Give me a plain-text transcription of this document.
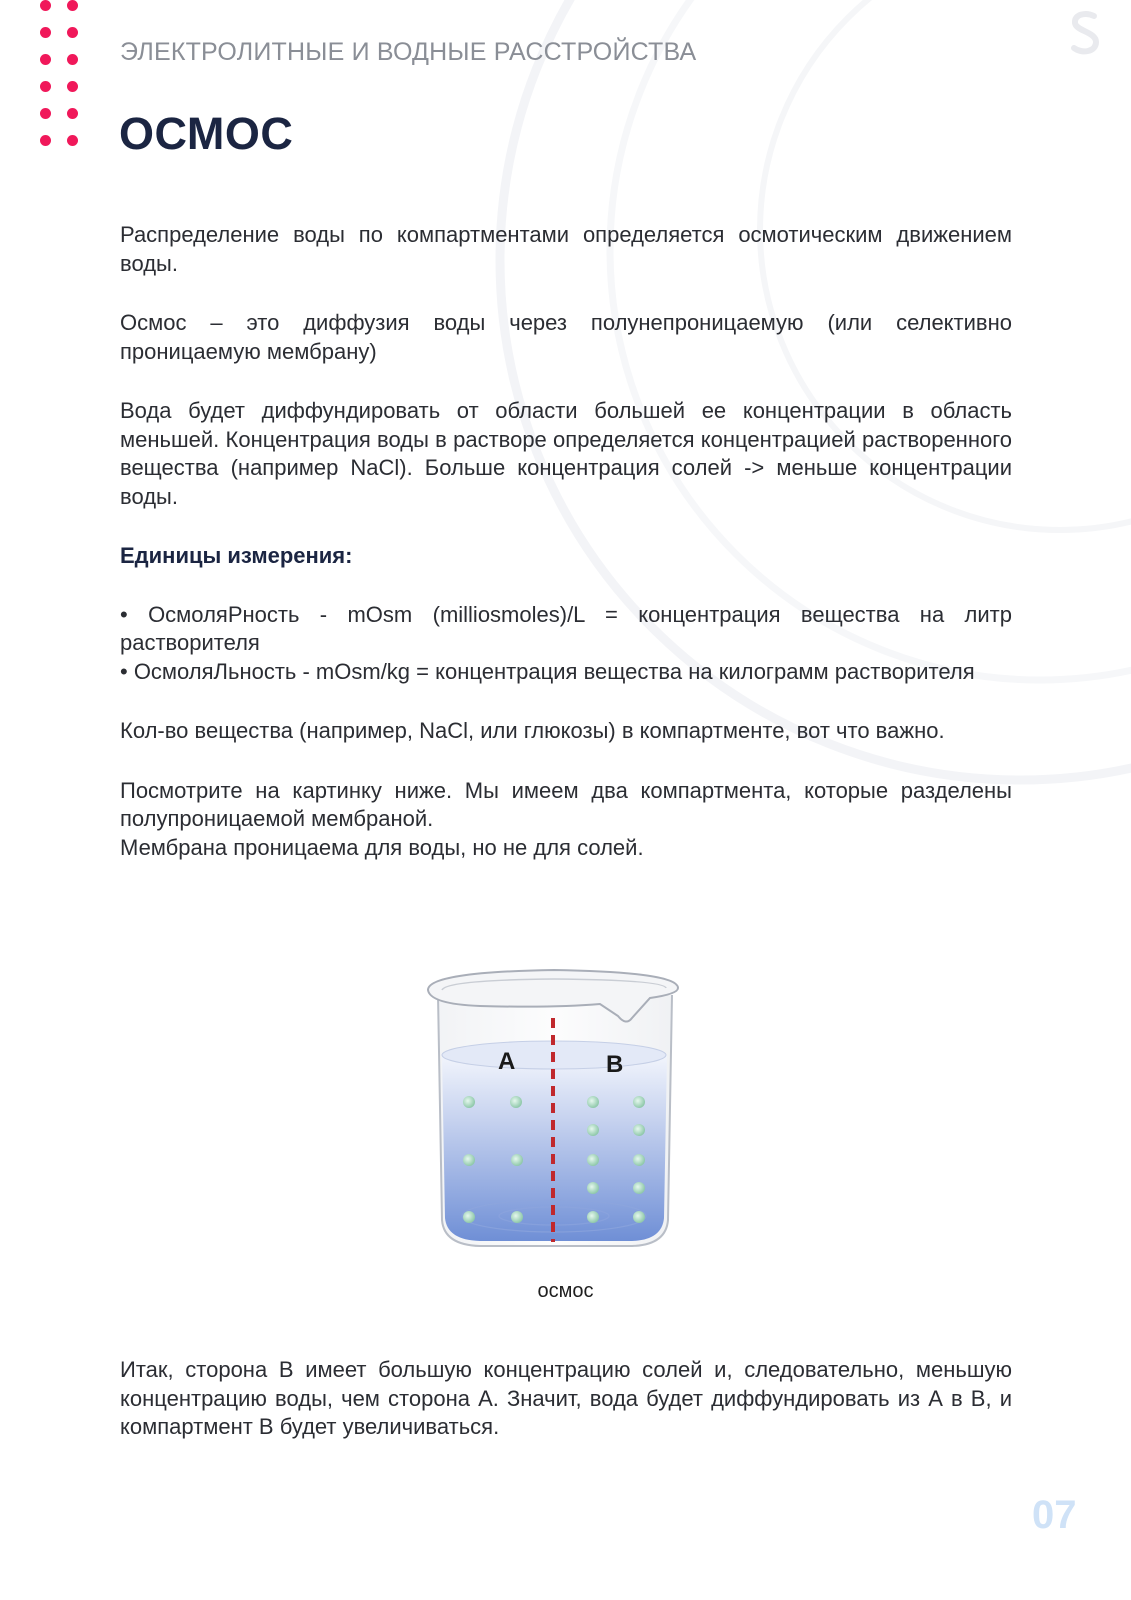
ЭЛЕКТРОЛИТНЫЕ И ВОДНЫЕ РАССТРОЙСТВА
ОСМОС

Распределение воды по компартментами определяется осмотическим движением воды.

Осмос – это диффузия воды через полунепроницаемую (или селективно проницаемую мембрану)

Вода будет диффундировать от области большей ее концентрации в область меньшей. Концентрация воды в растворе определяется концентрацией растворенного вещества (например NaCl). Больше концентрация солей -> меньше концентрации воды.

Единицы измерения:

• ОсмоляРность - mOsm (milliosmoles)/L = концентрация вещества на литр растворителя

• ОсмоляЛьность - mOsm/kg = концентрация вещества на килограмм растворителя

Кол-во вещества (например, NaCl, или глюкозы) в компартменте, вот что важно.

Посмотрите на картинку ниже. Мы имеем два компартмента, которые разделены полупроницаемой мембраной.

Мембрана проницаема для воды, но не для солей.

A	B
осмос

Итак, сторона В имеет большую концентрацию солей и, следовательно, меньшую концентрацию воды, чем сторона А. Значит, вода будет диффундировать из А в В, и компартмент В будет увеличиваться.

07
